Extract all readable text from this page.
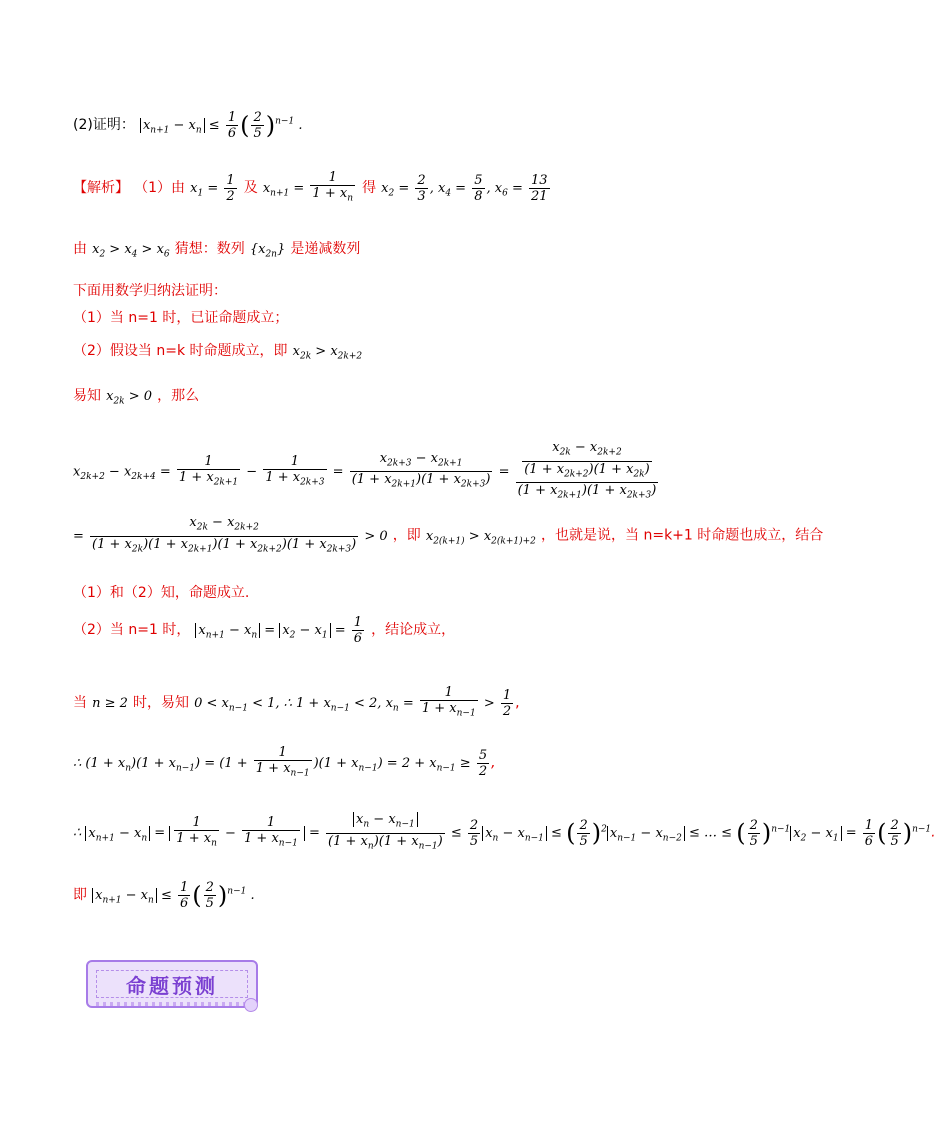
(2)证明： $x_{n+1} - x_n \le \frac{1}{6}$ ( $\frac{2}{5} )^{n-1}$ .
【解析】 （1）由 $x_1 = \frac{1}{2}$ 及 $x_{n+1} = \frac{1}{1 + x_n}$ 得 $x_2 = \frac{2}{3}$ , $x_4 = \frac{5}{8}$ , $x_6 = \frac{13}{21}$
由 $x_2 > x_4 > x_6$ 猜想：数列 $\{x_{2n}\}$ 是递减数列
下面用数学归纳法证明：
（1）当 n=1 时，已证命题成立；
（2）假设当 n=k 时命题成立，即 $x_{2k} > x_{2k+2}$
易知 $x_{2k} > 0$ ，那么
$x_{2k+2} - x_{2k+4} = \frac{1}{1 + x_{2k+1}} - \frac{1}{1 + x_{2k+3}} = \frac{x_{2k+3} - x_{2k+1}}{(1 + x_{2k+1})(1 + x_{2k+3})} = \frac{\frac{x_{2k} - x_{2k+2}}{(1 + x_{2k+2})(1 + x_{2k})}}{(1 + x_{2k+1})(1 + x_{2k+3})}$
= $\frac{x_{2k} - x_{2k+2}}{(1 + x_{2k})(1 + x_{2k+1})(1 + x_{2k+2})(1 + x_{2k+3})} > 0$ ，即 $x_{2(k+1)} > x_{2(k+1)+2}$ ，也就是说，当 n=k+1 时命题也成立，结合
（1）和（2）知，命题成立.
（2）当 n=1 时， $x_{n+1} - x_n = x_2 - x_1 = \frac{1}{6}$ ，结论成立，
当 n ≥ 2 时，易知 $0 < x_{n-1} < 1$, ∴ $1 + x_{n-1} < 2$, $x_n = \frac{1}{1 + x_{n-1}} > \frac{1}{2}$ ,
∴ $(1 + x_n)(1 + x_{n-1}) = (1 + \frac{1}{1 + x_{n-1}} )(1 + x_{n-1}) = 2 + x_{n-1} \ge \frac{5}{2}$ ,
∴ $x_{n+1} - x_n = \frac{1}{1 + x_n} - \frac{1}{1 + x_{n-1}} = \frac{x_n - x_{n-1}}{(1 + x_n)(1 + x_{n-1})} \le \frac{2}{5} x_n - x_{n-1}$ ≤ ( $\frac{2}{5} )^2$ $x_{n-1} - x_{n-2}$ ≤ … ≤ ( $\frac{2}{5} )^{n-1}$ $x_2 - x_1 = \frac{1}{6}$ ( $\frac{2}{5} )^{n-1}$.
即 $x_{n+1} - x_n \le \frac{1}{6}$ ( $\frac{2}{5} )^{n-1}$ .
命题预测
